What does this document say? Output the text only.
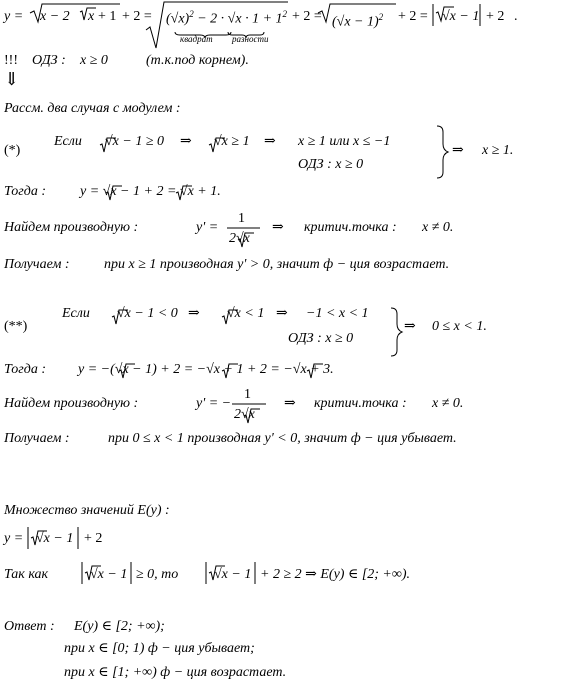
y = x − 2 $x + 1 + 2 = (√x)^2 - 2 \cdot √x \cdot 1 + 1^2$
квадрат разности
+ $2 = (√x - 1)^2 + 2 = √x - 1 + 2$ .
!!! ОДЗ : x ≥ 0	(т.к.под корнем).
⇓
Рассм. два случая с модулем :
(*)
Если √x − 1 ≥ 0 ⇒ √x ≥ 1 ⇒ x ≥ 1 или x ≤ −1
ОДЗ : x ≥ 0
⇒ x ≥ 1.
Тогда : y = √x − 1 + 2 = √x + 1.
Найдем производную :	y' =
1
2√x
⇒ критич.точка : x ≠ 0.
Получаем : при x ≥ 1 производная y' > 0, значит ф − ция возрастает.
(**)
Если √x − 1 < 0 ⇒ √x < 1 ⇒ −1 < x < 1
ОДЗ : x ≥ 0
⇒ 0 ≤ x < 1.
Тогда : y = −(√x − 1) + 2 = −√x + 1 + 2 = −√x + 3.
Найдем производную :	y' = −
1
2√x
⇒ критич.точка : x ≠ 0.
Получаем :	при 0 ≤ x < 1 производная y' < 0, значит ф − ция убывает.
Множество значений E(y) :
y = √x − 1 + 2
Так как	√x − 1 ≥ 0, то	√x − 1 + 2 ≥ 2 ⇒ E(y) ∈ [2; +∞).
Ответ : E(y) ∈ [2; +∞);
при x ∈ [0; 1) ф − ция убывает;
при x ∈ [1; +∞) ф − ция возрастает.
